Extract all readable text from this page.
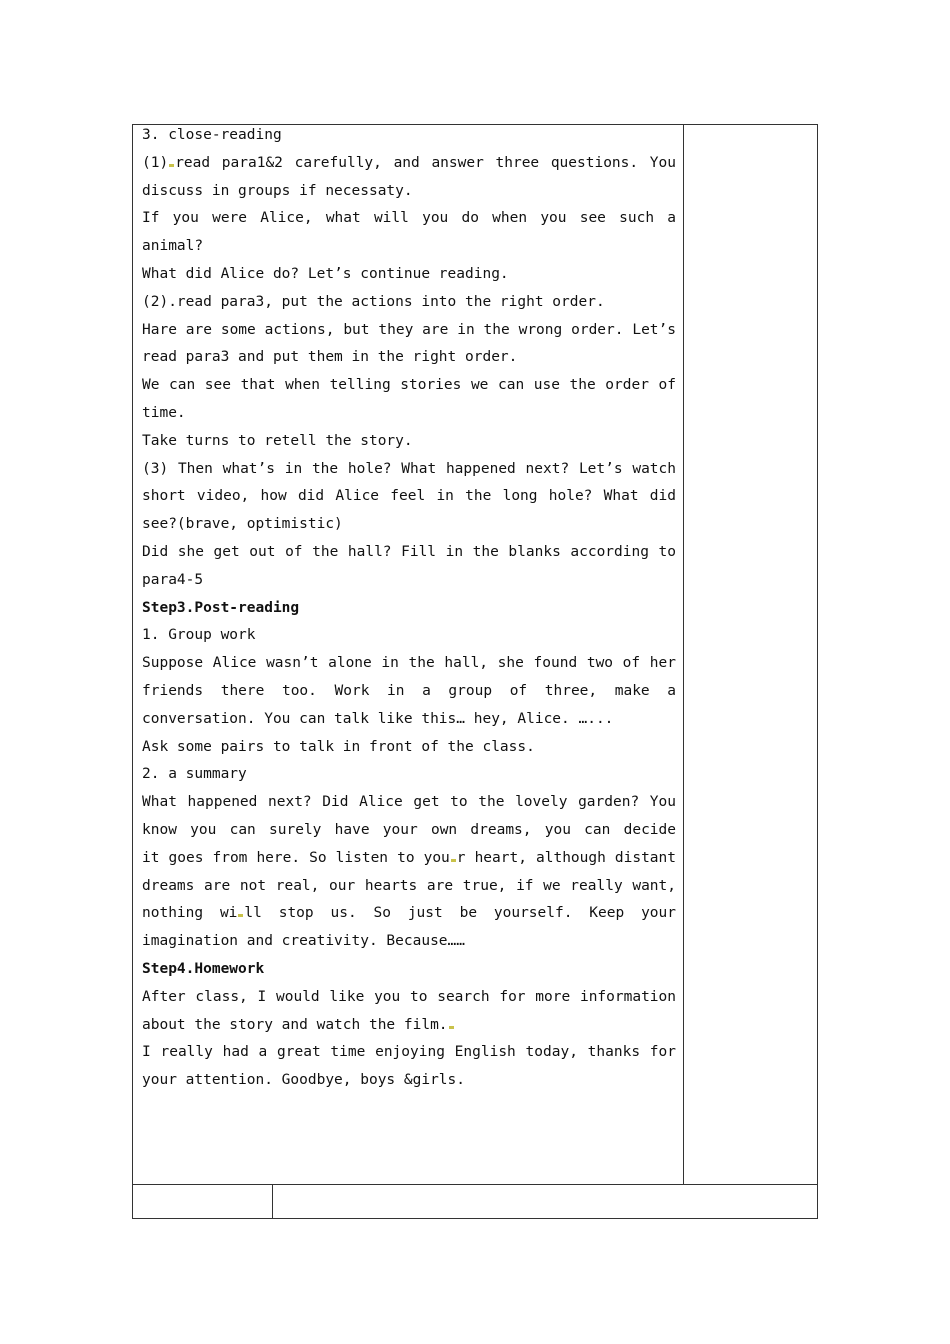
3. close-reading
(1) read para1&2 carefully, and answer three questions. You
discuss in groups if necessaty.
If you were Alice, what will you do when you see such a
animal?
What did Alice do? Let’s continue reading.
(2).read para3, put the actions into the right order.
Hare are some actions, but they are in the wrong order. Let’s
read para3 and put them in the right order.
We can see that when telling stories we can use the order of
time.
Take turns to retell the story.
(3) Then what’s in the hole? What happened next? Let’s watch
short video, how did Alice feel in the long hole? What did
see?(brave, optimistic)
Did she get out of the hall? Fill in the blanks according to
para4-5
Step3.Post-reading
1. Group work
Suppose Alice wasn’t alone in the hall, she found two of her
friends there too. Work in a group of three, make a
conversation. You can talk like this… hey, Alice. …...
Ask some pairs to talk in front of the class.
2. a summary
What happened next? Did Alice get to the lovely garden? You
know you can surely have your own dreams, you can decide
it goes from here. So listen to you r heart, although distant
dreams are not real, our hearts are true, if we really want,
nothing wi ll stop us. So just be yourself. Keep your
imagination and creativity. Because……
Step4.Homework
After class, I would like you to search for more information
about the story and watch the film.
I really had a great time enjoying English today, thanks for
your attention. Goodbye, boys &girls.
